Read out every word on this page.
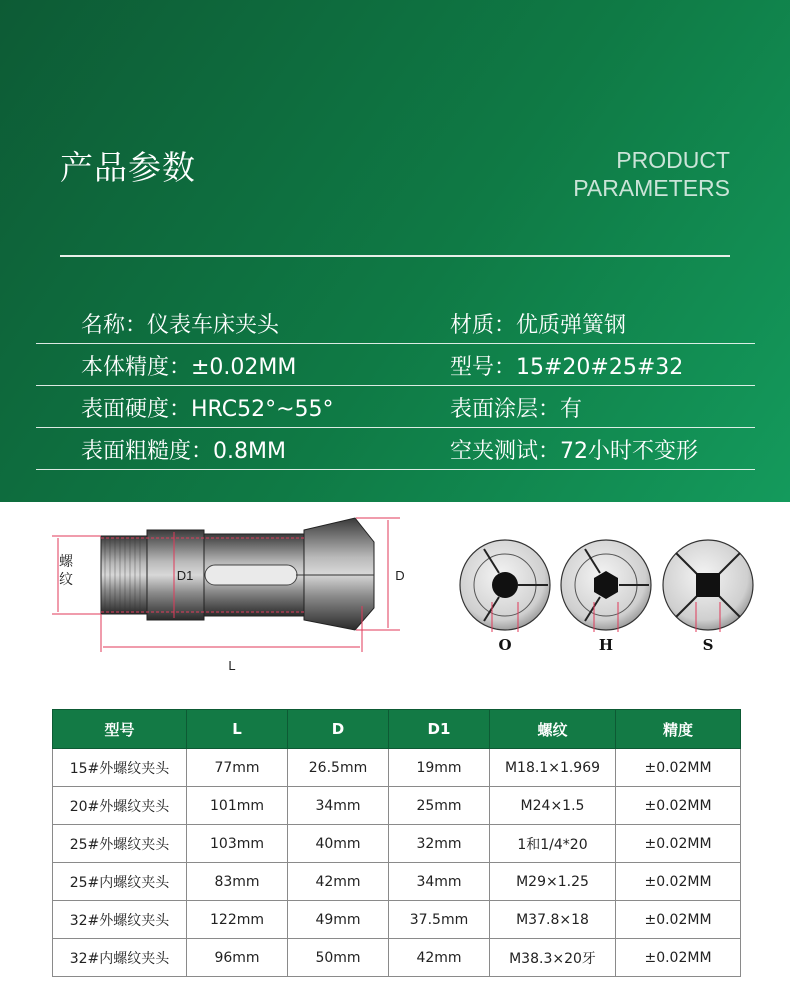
产品参数	PRODUCT
PARAMETERS
名称：仪表车床夹头	材质：优质弹簧钢
本体精度：±0.02MM	型号：15#20#25#32
表面硬度：HRC52°~55°	表面涂层：有
表面粗糙度：0.8MM	空夹测试：72小时不变形
螺
纹	D1	D
L
O	H	S
型号	L	D	D1	螺纹	精度
15#外螺纹夹头	77mm	26.5mm	19mm	M18.1×1.969	±0.02MM
20#外螺纹夹头	101mm	34mm	25mm	M24×1.5	±0.02MM
25#外螺纹夹头	103mm	40mm	32mm	1和1/4*20	±0.02MM
25#内螺纹夹头	83mm	42mm	34mm	M29×1.25	±0.02MM
32#外螺纹夹头	122mm	49mm	37.5mm	M37.8×18	±0.02MM
32#内螺纹夹头	96mm	50mm	42mm	M38.3×20牙	±0.02MM
